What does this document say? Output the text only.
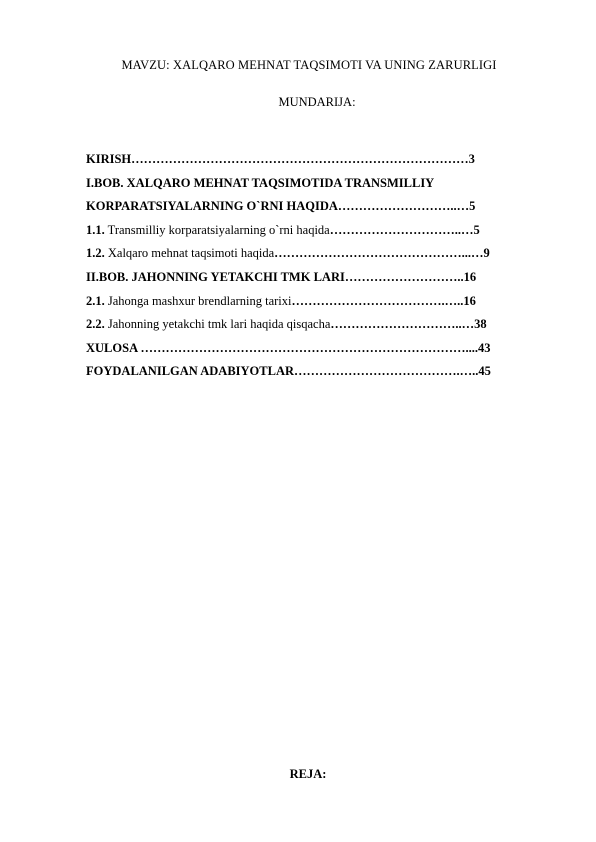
MAVZU: XALQARO MEHNAT TAQSIMOTI VA UNING ZARURLIGI
MUNDARIJA:
KIRISH………………………………………………………………………3
I.BOB. XALQARO MEHNAT TAQSIMOTIDA TRANSMILLIY
KORPARATSIYALARNING O`RNI HAQIDA………………………..…5
1.1. Transmilliy korparatsiyalarning o`rni haqida…………………………..…5
1.2. Xalqaro mehnat taqsimoti haqida………………………………………...…9
II.BOB. JAHONNING YETAKCHI TMK LARI………………………..16
2.1. Jahonga mashxur brendlarning tarixi……………………………….…..16
2.2. Jahonning yetakchi tmk lari haqida qisqacha…………………………..…38
XULOSA ……………………………………………………………………....43
FOYDALANILGAN ADABIYOTLAR………………………………….…..45
REJA:
